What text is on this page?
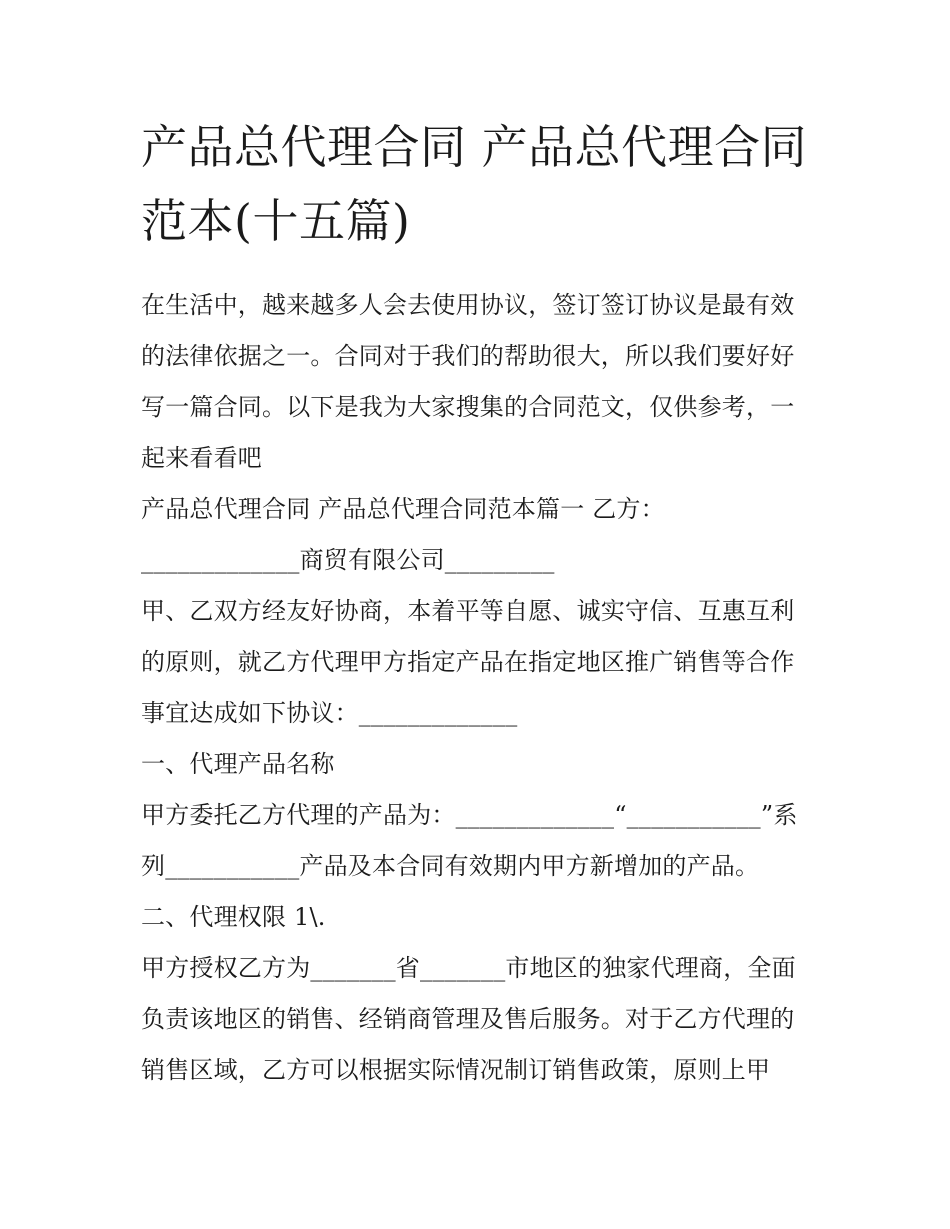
产品总代理合同 产品总代理合同范本(十五篇)

在生活中，越来越多人会去使用协议，签订签订协议是最有效的法律依据之一。合同对于我们的帮助很大，所以我们要好好写一篇合同。以下是我为大家搜集的合同范文，仅供参考，一起来看看吧

产品总代理合同 产品总代理合同范本篇一 乙方：

_____________商贸有限公司_________

甲、乙双方经友好协商，本着平等自愿、诚实守信、互惠互利的原则，就乙方代理甲方指定产品在指定地区推广销售等合作事宜达成如下协议：_____________

一、代理产品名称

甲方委托乙方代理的产品为：_____________“___________”系列___________产品及本合同有效期内甲方新增加的产品。

二、代理权限 1\.

甲方授权乙方为_______省_______市地区的独家代理商，全面负责该地区的销售、经销商管理及售后服务。对于乙方代理的销售区域，乙方可以根据实际情况制订销售政策，原则上甲
